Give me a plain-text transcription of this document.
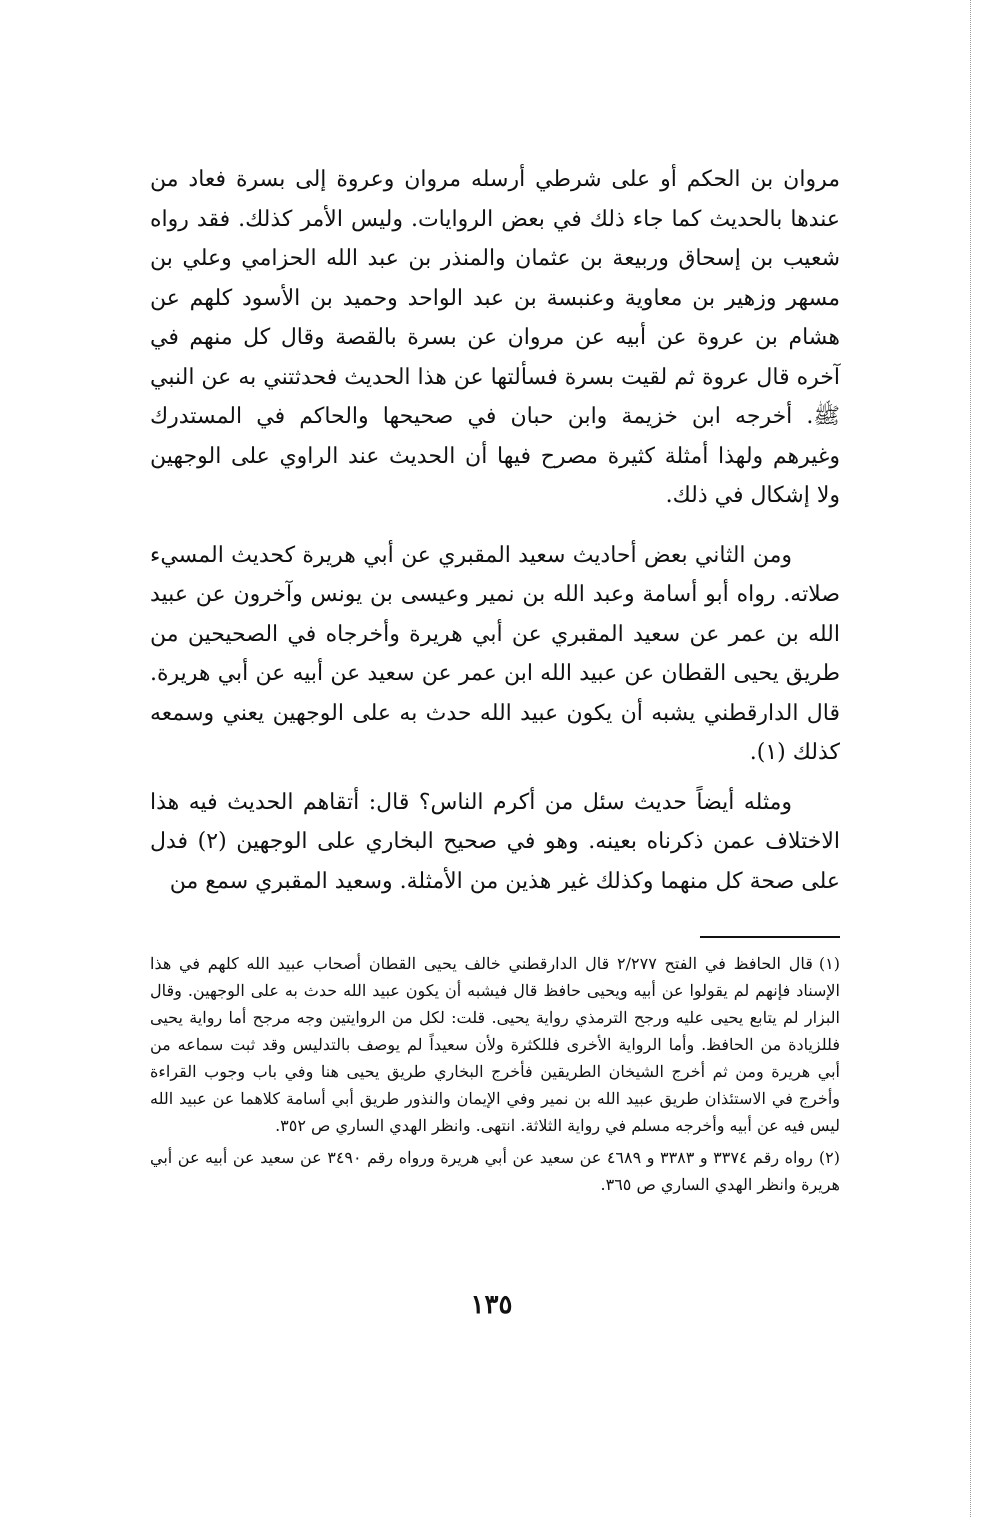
مروان بن الحكم أو على شرطي أرسله مروان وعروة إلى بسرة فعاد من عندها بالحديث كما جاء ذلك في بعض الروايات. وليس الأمر كذلك. فقد رواه شعيب بن إسحاق وربيعة بن عثمان والمنذر بن عبد الله الحزامي وعلي بن مسهر وزهير بن معاوية وعنبسة بن عبد الواحد وحميد بن الأسود كلهم عن هشام بن عروة عن أبيه عن مروان عن بسرة بالقصة وقال كل منهم في آخره قال عروة ثم لقيت بسرة فسألتها عن هذا الحديث فحدثتني به عن النبي ﷺ. أخرجه ابن خزيمة وابن حبان في صحيحها والحاكم في المستدرك وغيرهم ولهذا أمثلة كثيرة مصرح فيها أن الحديث عند الراوي على الوجهين ولا إشكال في ذلك.

ومن الثاني بعض أحاديث سعيد المقبري عن أبي هريرة كحديث المسيء صلاته. رواه أبو أسامة وعبد الله بن نمير وعيسى بن يونس وآخرون عن عبيد الله بن عمر عن سعيد المقبري عن أبي هريرة وأخرجاه في الصحيحين من طريق يحيى القطان عن عبيد الله ابن عمر عن سعيد عن أبيه عن أبي هريرة. قال الدارقطني يشبه أن يكون عبيد الله حدث به على الوجهين يعني وسمعه كذلك (١).

ومثله أيضاً حديث سئل من أكرم الناس؟ قال: أتقاهم الحديث فيه هذا الاختلاف عمن ذكرناه بعينه. وهو في صحيح البخاري على الوجهين (٢) فدل على صحة كل منهما وكذلك غير هذين من الأمثلة. وسعيد المقبري سمع من

(١)قال الحافظ في الفتح ٢/٢٧٧ قال الدارقطني خالف يحيى القطان أصحاب عبيد الله كلهم في هذا الإسناد فإنهم لم يقولوا عن أبيه ويحيى حافظ قال فيشبه أن يكون عبيد الله حدث به على الوجهين. وقال البزار لم يتابع يحيى عليه ورجح الترمذي رواية يحيى. قلت: لكل من الروايتين وجه مرجح أما رواية يحيى فللزيادة من الحافظ. وأما الرواية الأخرى فللكثرة ولأن سعيداً لم يوصف بالتدليس وقد ثبت سماعه من أبي هريرة ومن ثم أخرج الشيخان الطريقين فأخرج البخاري طريق يحيى هنا وفي باب وجوب القراءة وأخرج في الاستئذان طريق عبيد الله بن نمير وفي الإيمان والنذور طريق أبي أسامة كلاهما عن عبيد الله ليس فيه عن أبيه وأخرجه مسلم في رواية الثلاثة. انتهى. وانظر الهدي الساري ص ٣٥٢.

(٢)رواه رقم ٣٣٧٤ و ٣٣٨٣ و ٤٦٨٩ عن سعيد عن أبي هريرة ورواه رقم ٣٤٩٠ عن سعيد عن أبيه عن أبي هريرة وانظر الهدي الساري ص ٣٦٥.

١٣٥
